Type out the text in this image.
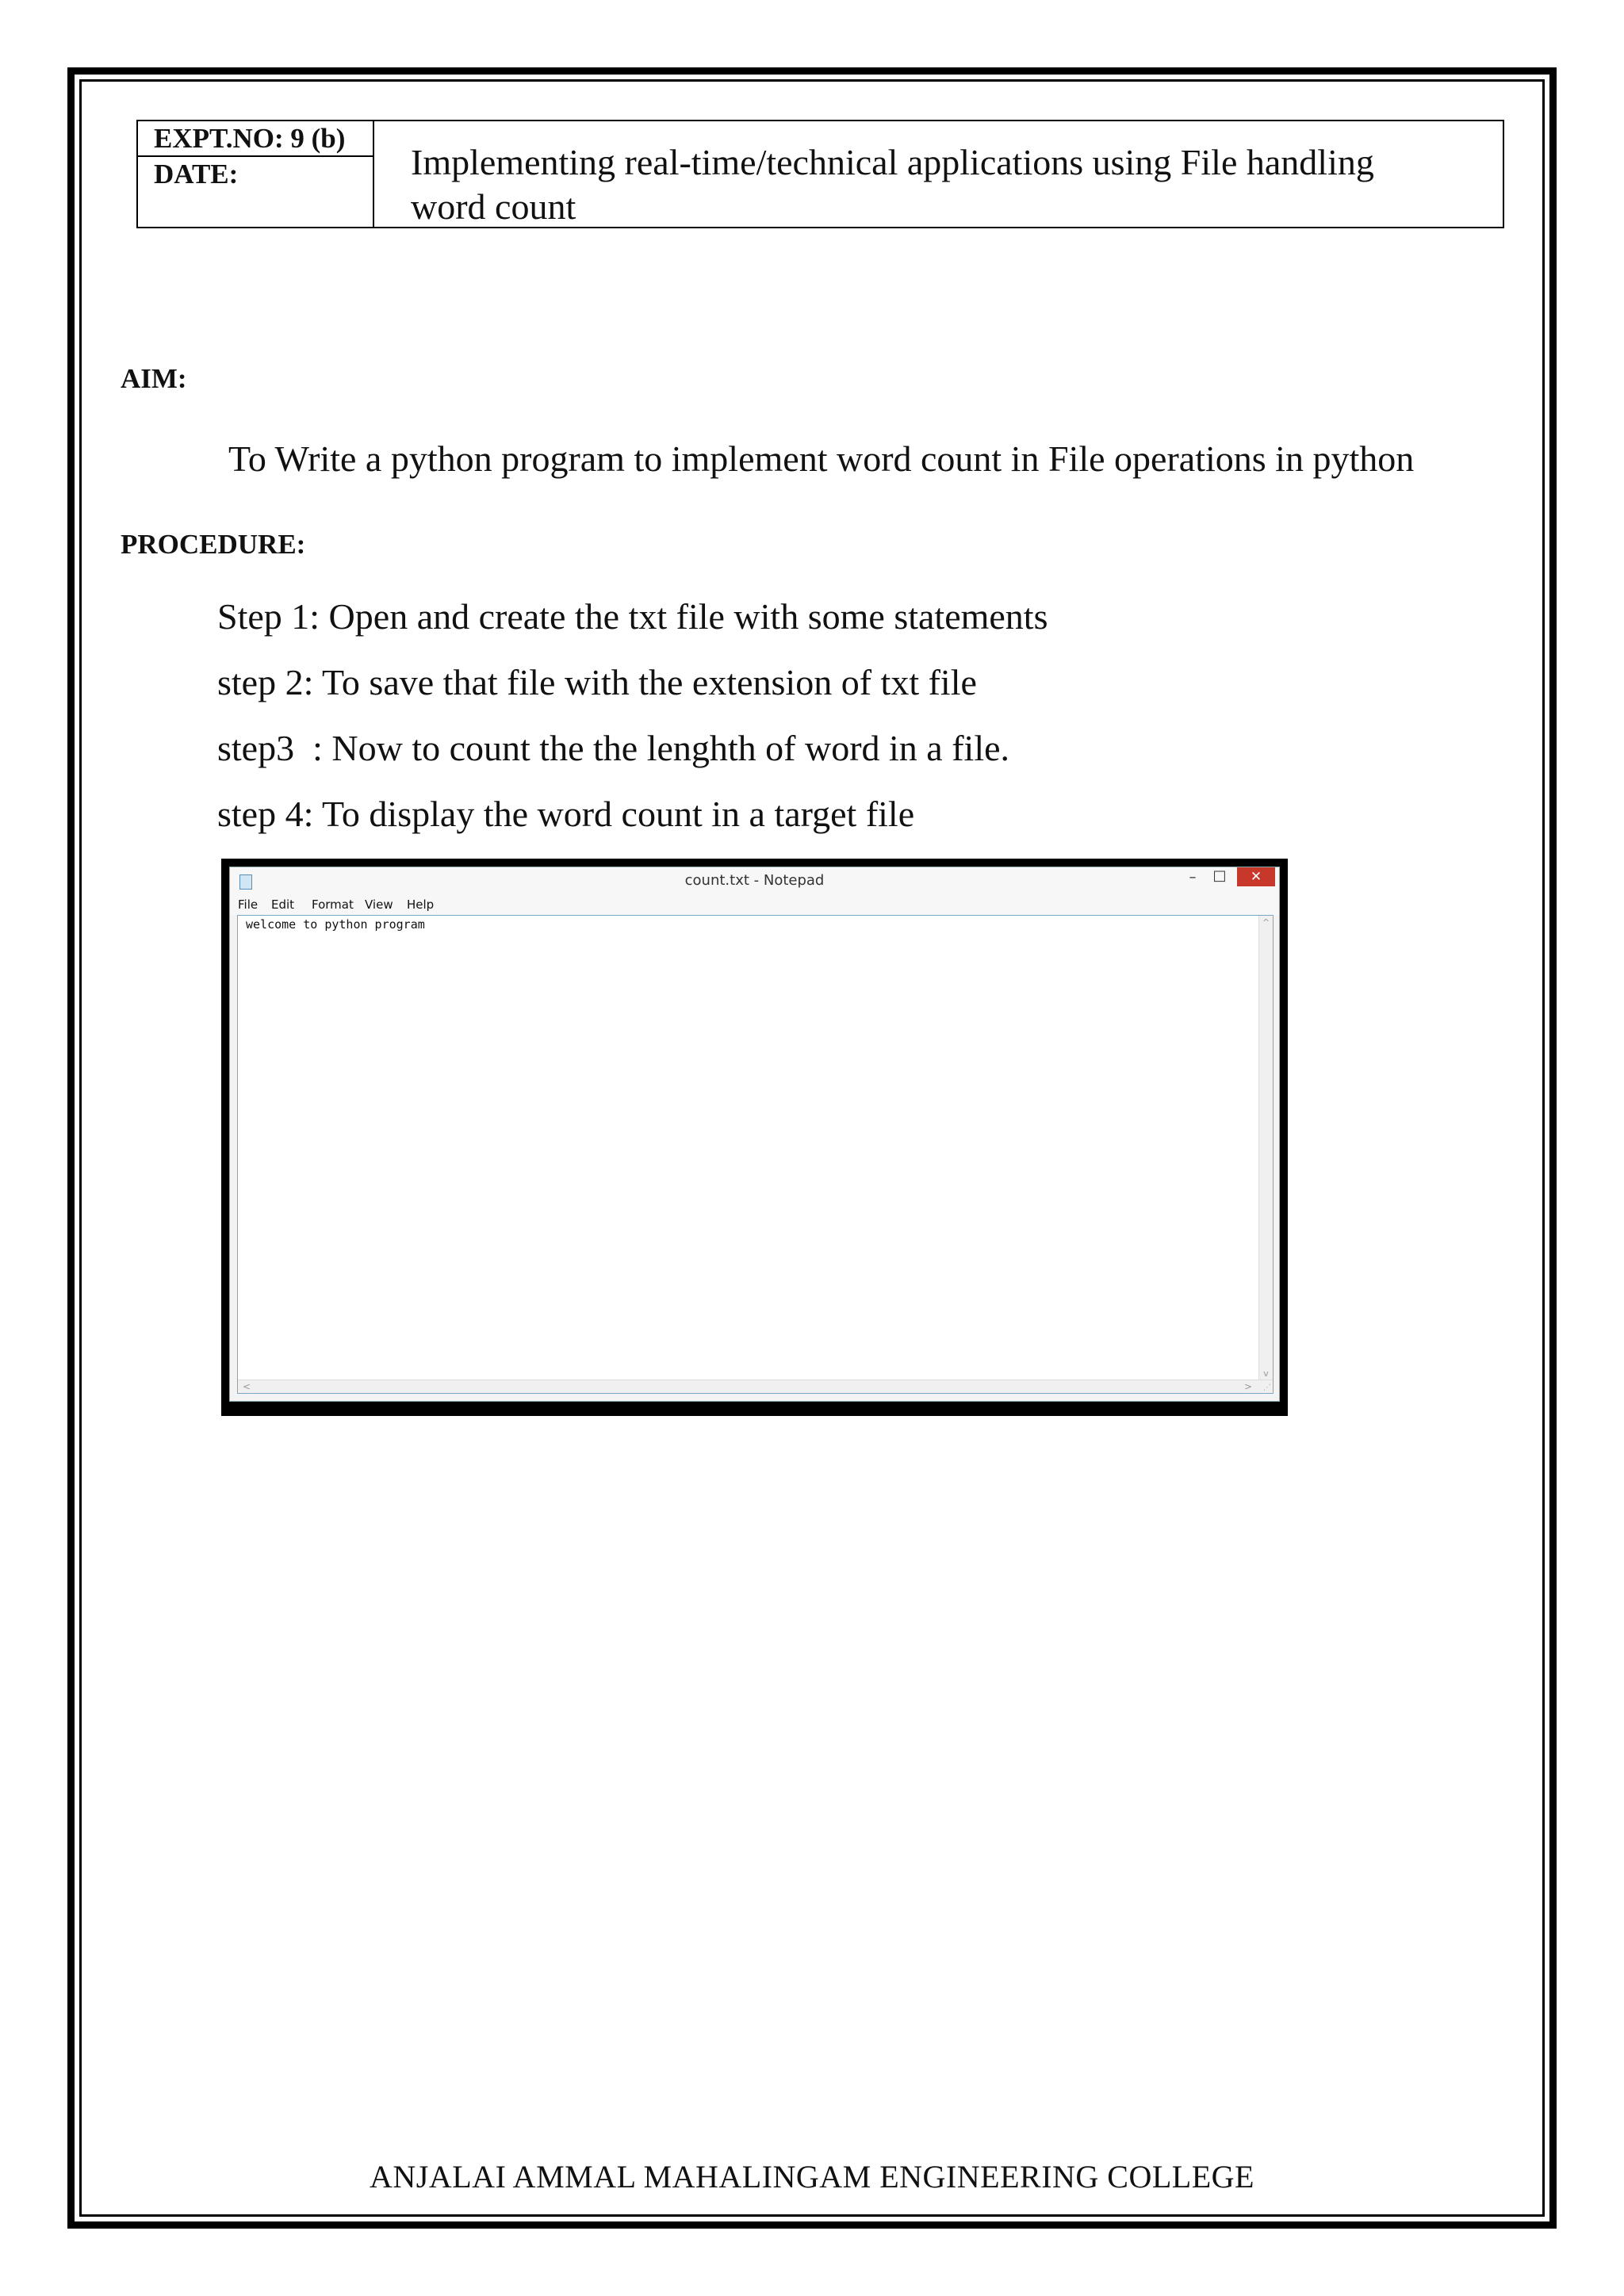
EXPT.NO: 9 (b)
DATE:	Implementing real-time/technical applications using File handling
word count
AIM:
To Write a python program to implement word count in File operations in python
PROCEDURE:
Step 1: Open and create the txt file with some statements
step 2: To save that file with the extension of txt file
step3  : Now to count the the lenghth of word in a file.
step 4: To display the word count in a target file
count.txt - Notepad	–	□	✕
File Edit Format View Help
welcome to python program	^
v
<	> ⋰
ANJALAI AMMAL MAHALINGAM ENGINEERING COLLEGE
